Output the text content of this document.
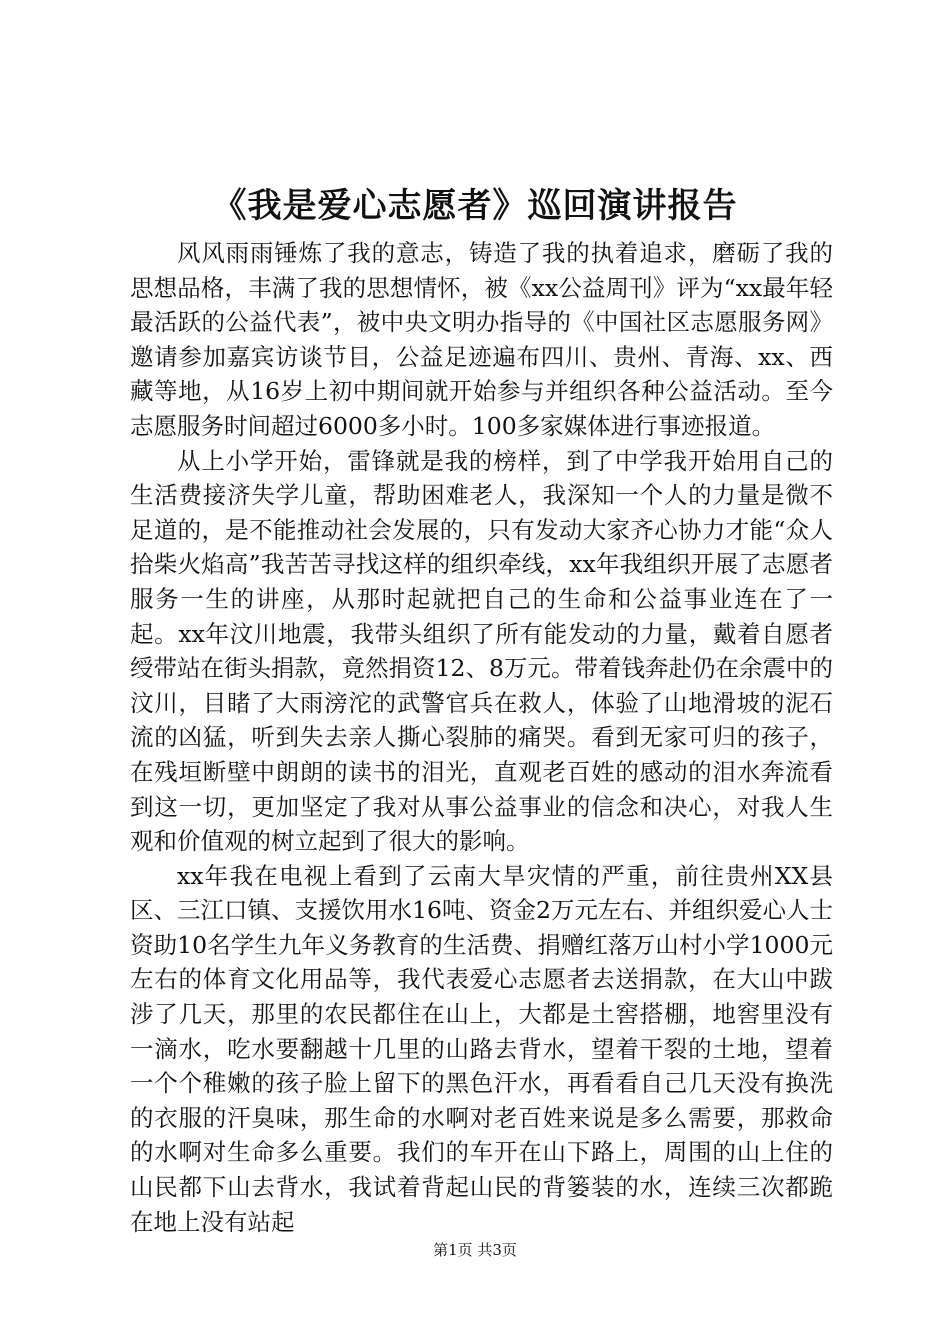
《我是爱心志愿者》巡回演讲报告

风风雨雨锤炼了我的意志，铸造了我的执着追求，磨砺了我的思想品格，丰满了我的思想情怀，被《xx公益周刊》评为“xx最年轻最活跃的公益代表”，被中央文明办指导的《中国社区志愿服务网》邀请参加嘉宾访谈节目，公益足迹遍布四川、贵州、青海、xx、西藏等地，从16岁上初中期间就开始参与并组织各种公益活动。至今志愿服务时间超过6000多小时。100多家媒体进行事迹报道。

从上小学开始，雷锋就是我的榜样，到了中学我开始用自己的生活费接济失学儿童，帮助困难老人，我深知一个人的力量是微不足道的，是不能推动社会发展的，只有发动大家齐心协力才能“众人拾柴火焰高”我苦苦寻找这样的组织牵线，xx年我组织开展了志愿者服务一生的讲座，从那时起就把自己的生命和公益事业连在了一起。xx年汶川地震，我带头组织了所有能发动的力量，戴着自愿者绶带站在街头捐款，竟然捐资12、8万元。带着钱奔赴仍在余震中的汶川，目睹了大雨滂沱的武警官兵在救人，体验了山地滑坡的泥石流的凶猛，听到失去亲人撕心裂肺的痛哭。看到无家可归的孩子，在残垣断壁中朗朗的读书的泪光，直观老百姓的感动的泪水奔流看到这一切，更加坚定了我对从事公益事业的信念和决心，对我人生观和价值观的树立起到了很大的影响。

xx年我在电视上看到了云南大旱灾情的严重，前往贵州XX县区、三江口镇、支援饮用水16吨、资金2万元左右、并组织爱心人士资助10名学生九年义务教育的生活费、捐赠红落万山村小学1000元左右的体育文化用品等，我代表爱心志愿者去送捐款，在大山中跋涉了几天，那里的农民都住在山上，大都是土窖搭棚，地窖里没有一滴水，吃水要翻越十几里的山路去背水，望着干裂的土地，望着一个个稚嫩的孩子脸上留下的黑色汗水，再看看自己几天没有换洗的衣服的汗臭味，那生命的水啊对老百姓来说是多么需要，那救命的水啊对生命多么重要。我们的车开在山下路上，周围的山上住的山民都下山去背水，我试着背起山民的背篓装的水，连续三次都跪在地上没有站起

第1页 共3页
